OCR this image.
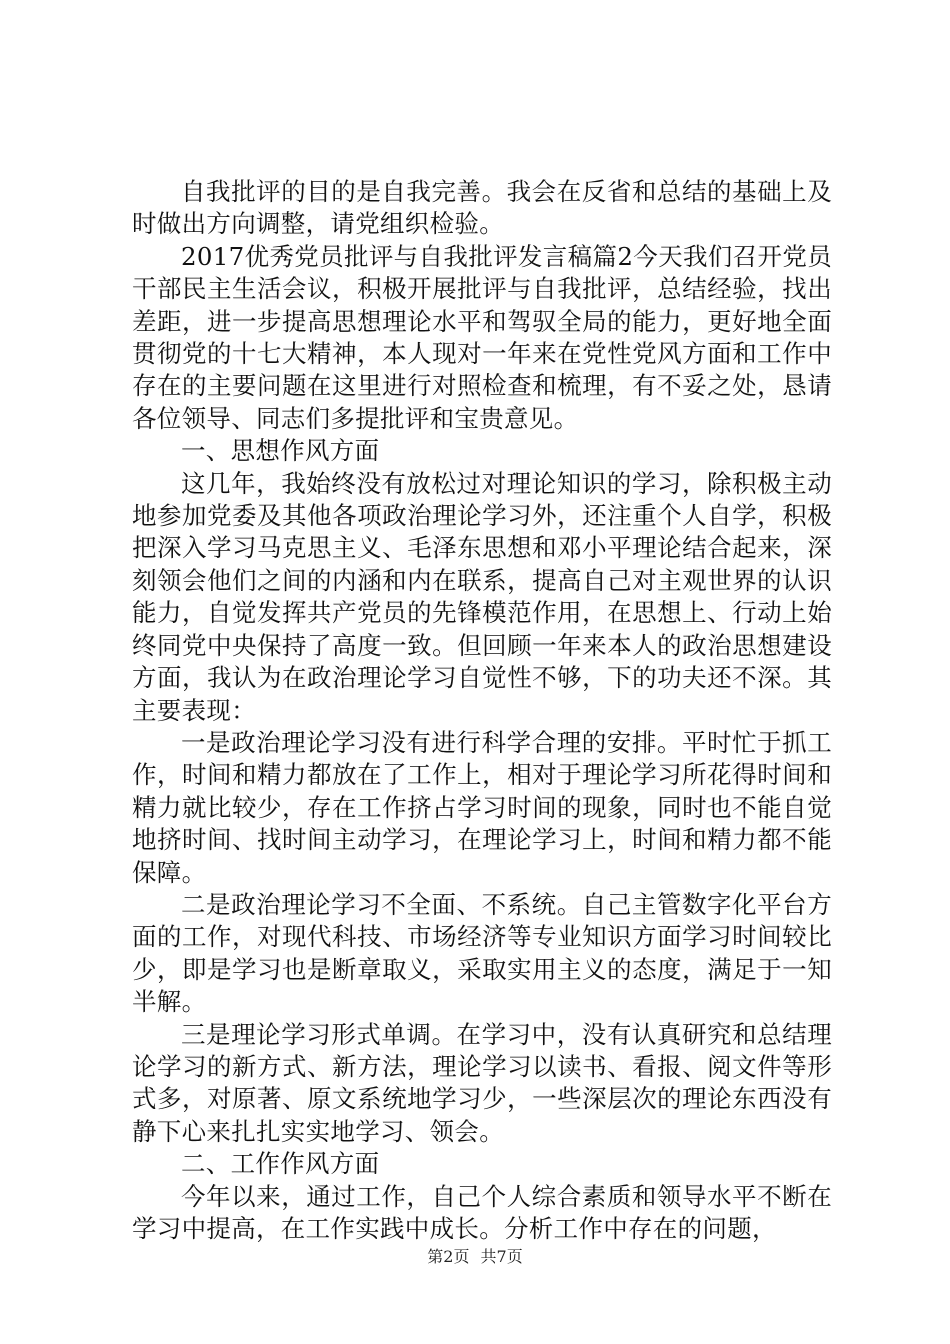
自我批评的目的是自我完善。我会在反省和总结的基础上及时做出方向调整，请党组织检验。

2017优秀党员批评与自我批评发言稿篇2今天我们召开党员干部民主生活会议，积极开展批评与自我批评，总结经验，找出差距，进一步提高思想理论水平和驾驭全局的能力，更好地全面贯彻党的十七大精神，本人现对一年来在党性党风方面和工作中存在的主要问题在这里进行对照检查和梳理，有不妥之处，恳请各位领导、同志们多提批评和宝贵意见。

一、思想作风方面

这几年，我始终没有放松过对理论知识的学习，除积极主动地参加党委及其他各项政治理论学习外，还注重个人自学，积极把深入学习马克思主义、毛泽东思想和邓小平理论结合起来，深刻领会他们之间的内涵和内在联系，提高自己对主观世界的认识能力，自觉发挥共产党员的先锋模范作用，在思想上、行动上始终同党中央保持了高度一致。但回顾一年来本人的政治思想建设方面，我认为在政治理论学习自觉性不够，下的功夫还不深。其主要表现：

一是政治理论学习没有进行科学合理的安排。平时忙于抓工作，时间和精力都放在了工作上，相对于理论学习所花得时间和精力就比较少，存在工作挤占学习时间的现象，同时也不能自觉地挤时间、找时间主动学习，在理论学习上，时间和精力都不能保障。

二是政治理论学习不全面、不系统。自己主管数字化平台方面的工作，对现代科技、市场经济等专业知识方面学习时间较比少，即是学习也是断章取义，采取实用主义的态度，满足于一知半解。

三是理论学习形式单调。在学习中，没有认真研究和总结理论学习的新方式、新方法，理论学习以读书、看报、阅文件等形式多，对原著、原文系统地学习少，一些深层次的理论东西没有静下心来扎扎实实地学习、领会。

二、工作作风方面

今年以来，通过工作，自己个人综合素质和领导水平不断在学习中提高，在工作实践中成长。分析工作中存在的问题，

第2页 共7页
